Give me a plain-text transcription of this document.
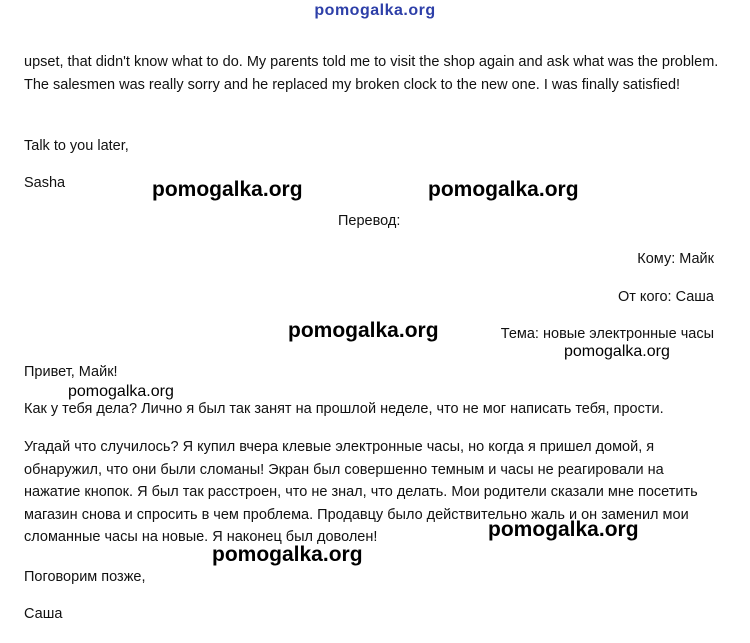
pomogalka.org
upset, that didn't know what to do. My parents told me to visit the shop again and ask what was the problem. The salesmen was really sorry and he replaced my broken clock to the new one. I was finally satisfied!
Talk to you later,
Sasha	pomogalka.org	pomogalka.org
Перевод:
Кому: Майк
От кого: Саша
pomogalka.org	Тема: новые электронные часы
pomogalka.org
Привет, Майк!
pomogalka.org
Как у тебя дела? Лично я был так занят на прошлой неделе, что не мог написать тебя, прости.
Угадай что случилось? Я купил вчера клевые электронные часы, но когда я пришел домой, я обнаружил, что они были сломаны! Экран был совершенно темным и часы не реагировали на нажатие кнопок. Я был так расстроен, что не знал, что делать. Мои родители сказали мне посетить магазин снова и спросить в чем проблема. Продавцу было действительно жаль и он заменил мои сломанные часы на новые. Я наконец был доволен!	pomogalka.org
pomogalka.org
Поговорим позже,
Саша
